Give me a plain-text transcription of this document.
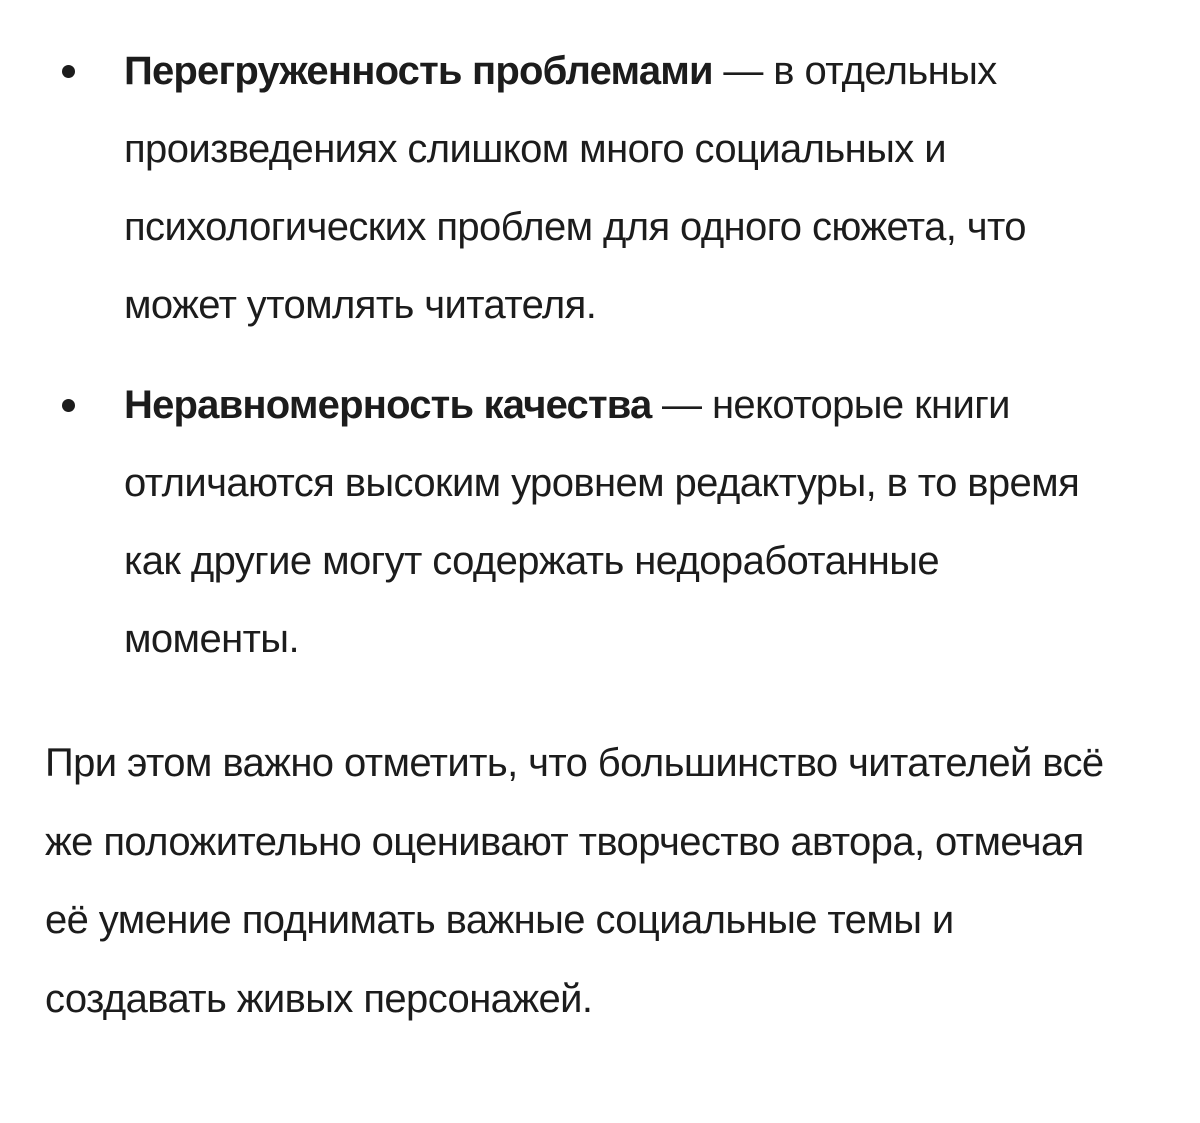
Перегруженность проблемами — в отдельных произведениях слишком много социальных и психологических проблем для одного сюжета, что может утомлять читателя.
Неравномерность качества — некоторые книги отличаются высоким уровнем редактуры, в то время как другие могут содержать недоработанные моменты.

При этом важно отметить, что большинство читателей всё же положительно оценивают творчество автора, отмечая её умение поднимать важные социальные темы и создавать живых персонажей.
